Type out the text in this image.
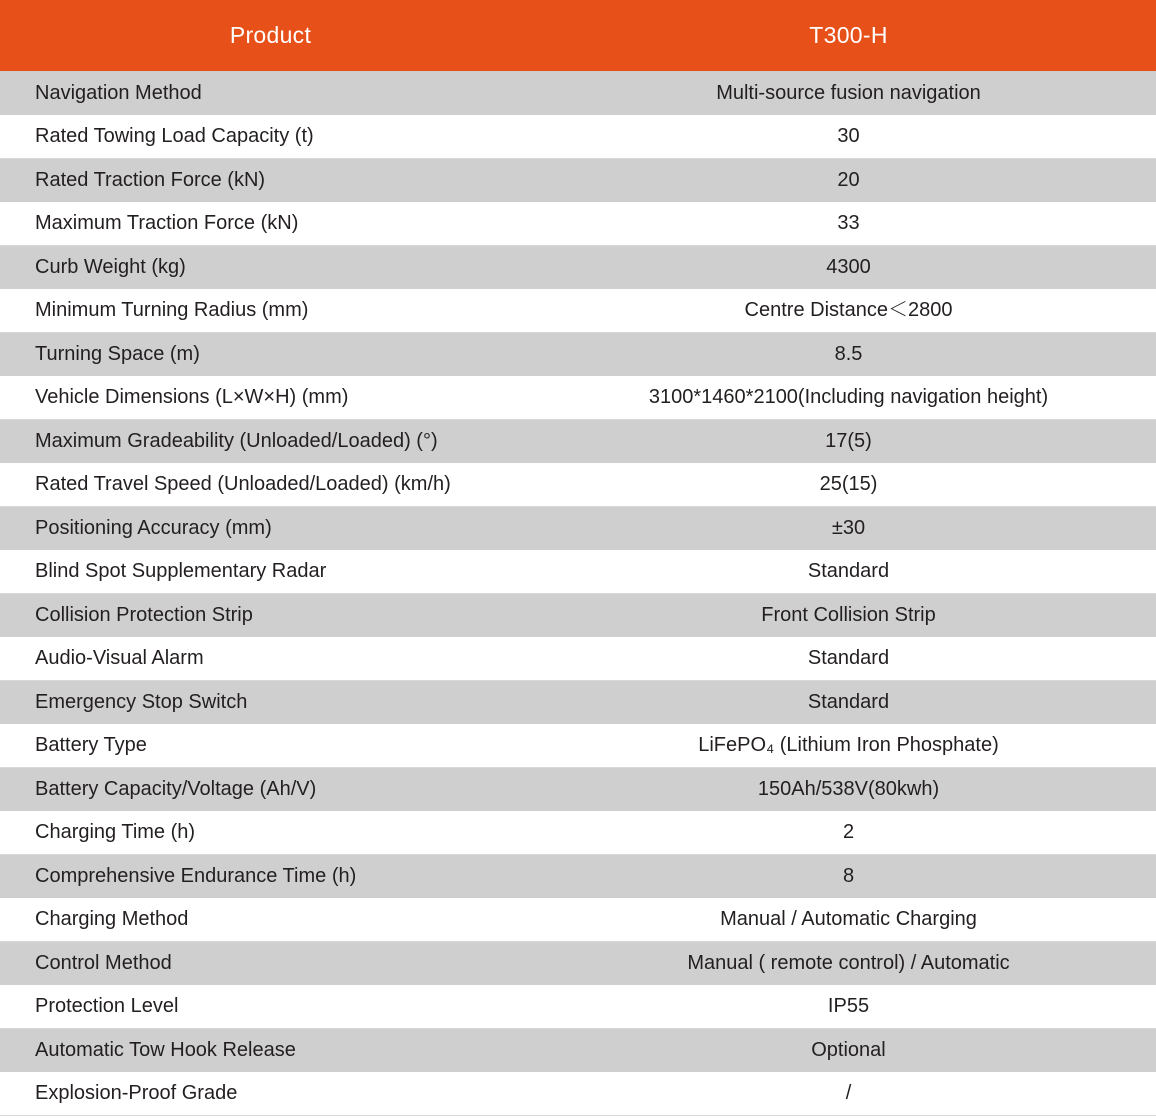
Product	T300-H
Navigation Method	Multi-source fusion navigation
Rated Towing Load Capacity (t)	30
Rated Traction Force (kN)	20
Maximum Traction Force (kN)	33
Curb Weight (kg)	4300
Minimum Turning Radius (mm)	Centre Distance＜2800
Turning Space (m)	8.5
Vehicle Dimensions (L×W×H) (mm)	3100*1460*2100(Including navigation height)
Maximum Gradeability (Unloaded/Loaded) (°)	17(5)
Rated Travel Speed (Unloaded/Loaded) (km/h)	25(15)
Positioning Accuracy (mm)	±30
Blind Spot Supplementary Radar	Standard
Collision Protection Strip	Front Collision Strip
Audio-Visual Alarm	Standard
Emergency Stop Switch	Standard
Battery Type	LiFePO₄ (Lithium Iron Phosphate)
Battery Capacity/Voltage (Ah/V)	150Ah/538V(80kwh)
Charging Time (h)	2
Comprehensive Endurance Time (h)	8
Charging Method	Manual / Automatic Charging
Control Method	Manual ( remote control) / Automatic
Protection Level	IP55
Automatic Tow Hook Release	Optional
Explosion-Proof Grade	/
